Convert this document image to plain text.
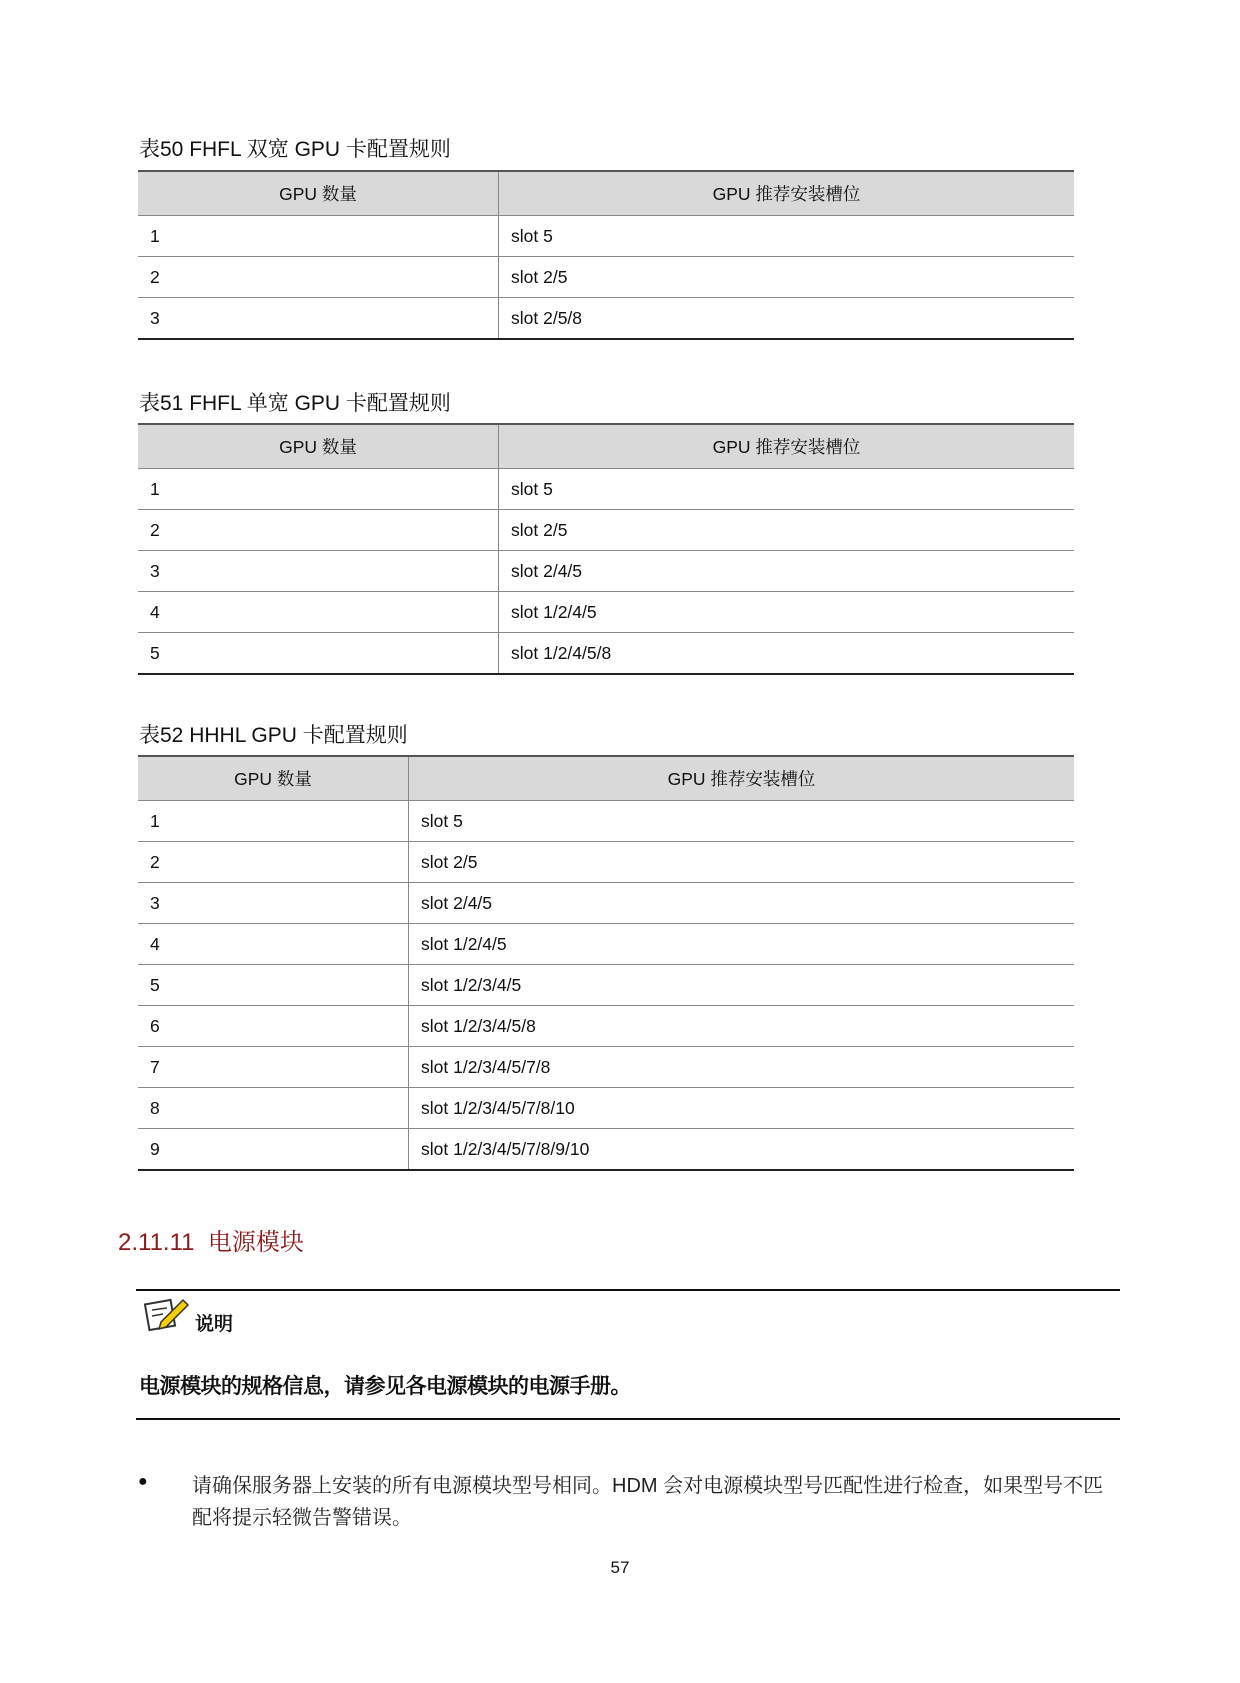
表50 FHFL 双宽 GPU 卡配置规则
GPU 数量	GPU 推荐安装槽位
1	slot 5
2	slot 2/5
3	slot 2/5/8
表51 FHFL 单宽 GPU 卡配置规则
GPU 数量	GPU 推荐安装槽位
1	slot 5
2	slot 2/5
3	slot 2/4/5
4	slot 1/2/4/5
5	slot 1/2/4/5/8
表52 HHHL GPU 卡配置规则
GPU 数量	GPU 推荐安装槽位
1	slot 5
2	slot 2/5
3	slot 2/4/5
4	slot 1/2/4/5
5	slot 1/2/3/4/5
6	slot 1/2/3/4/5/8
7	slot 1/2/3/4/5/7/8
8	slot 1/2/3/4/5/7/8/10
9	slot 1/2/3/4/5/7/8/9/10
2.11.11  电源模块
说明
电源模块的规格信息，请参见各电源模块的电源手册。
● 请确保服务器上安装的所有电源模块型号相同。HDM 会对电源模块型号匹配性进行检查，如果型号不匹配将提示轻微告警错误。
57
